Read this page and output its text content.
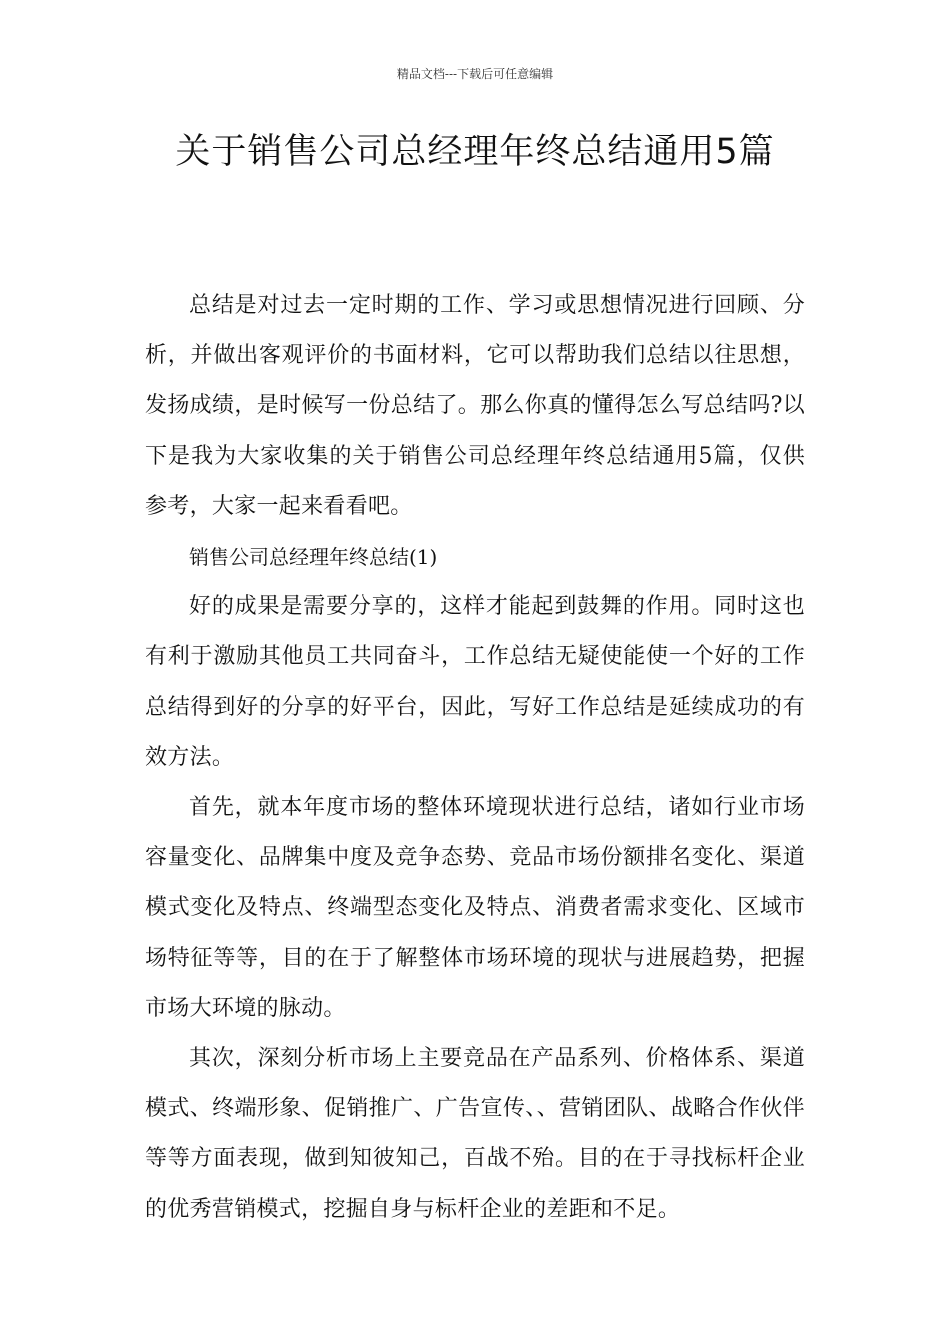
精品文档---下载后可任意编辑
关于销售公司总经理年终总结通用5篇

总结是对过去一定时期的工作、学习或思想情况进行回顾、分析，并做出客观评价的书面材料，它可以帮助我们总结以往思想，发扬成绩，是时候写一份总结了。那么你真的懂得怎么写总结吗?以下是我为大家收集的关于销售公司总经理年终总结通用5篇，仅供参考，大家一起来看看吧。

销售公司总经理年终总结(1)

好的成果是需要分享的，这样才能起到鼓舞的作用。同时这也有利于激励其他员工共同奋斗，工作总结无疑使能使一个好的工作总结得到好的分享的好平台，因此，写好工作总结是延续成功的有效方法。

首先，就本年度市场的整体环境现状进行总结，诸如行业市场容量变化、品牌集中度及竞争态势、竞品市场份额排名变化、渠道模式变化及特点、终端型态变化及特点、消费者需求变化、区域市场特征等等，目的在于了解整体市场环境的现状与进展趋势，把握市场大环境的脉动。

其次，深刻分析市场上主要竞品在产品系列、价格体系、渠道模式、终端形象、促销推广、广告宣传、、营销团队、战略合作伙伴等等方面表现，做到知彼知己，百战不殆。目的在于寻找标杆企业的优秀营销模式，挖掘自身与标杆企业的差距和不足。
